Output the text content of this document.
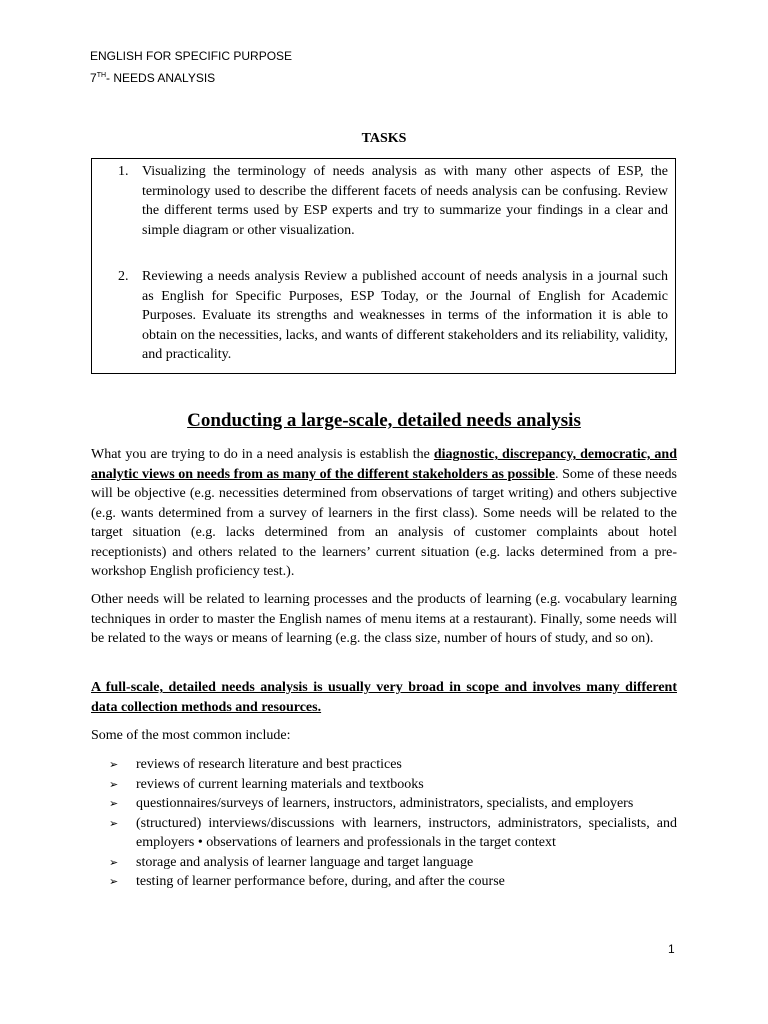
ENGLISH FOR SPECIFIC PURPOSE
7TH- NEEDS ANALYSIS
TASKS
1. Visualizing the terminology of needs analysis as with many other aspects of ESP, the terminology used to describe the different facets of needs analysis can be confusing. Review the different terms used by ESP experts and try to summarize your findings in a clear and simple diagram or other visualization.
2. Reviewing a needs analysis Review a published account of needs analysis in a journal such as English for Specific Purposes, ESP Today, or the Journal of English for Academic Purposes. Evaluate its strengths and weaknesses in terms of the information it is able to obtain on the necessities, lacks, and wants of different stakeholders and its reliability, validity, and practicality.
Conducting a large-scale, detailed needs analysis
What you are trying to do in a need analysis is establish the diagnostic, discrepancy, democratic, and analytic views on needs from as many of the different stakeholders as possible. Some of these needs will be objective (e.g. necessities determined from observations of target writing) and others subjective (e.g. wants determined from a survey of learners in the first class). Some needs will be related to the target situation (e.g. lacks determined from an analysis of customer complaints about hotel receptionists) and others related to the learners’ current situation (e.g. lacks determined from a pre-workshop English proficiency test.).
Other needs will be related to learning processes and the products of learning (e.g. vocabulary learning techniques in order to master the English names of menu items at a restaurant). Finally, some needs will be related to the ways or means of learning (e.g. the class size, number of hours of study, and so on).
A full-scale, detailed needs analysis is usually very broad in scope and involves many different data collection methods and resources.
Some of the most common include:
➢ reviews of research literature and best practices
➢ reviews of current learning materials and textbooks
➢ questionnaires/surveys of learners, instructors, administrators, specialists, and employers
➢ (structured) interviews/discussions with learners, instructors, administrators, specialists, and employers • observations of learners and professionals in the target context
➢ storage and analysis of learner language and target language
➢ testing of learner performance before, during, and after the course
1
